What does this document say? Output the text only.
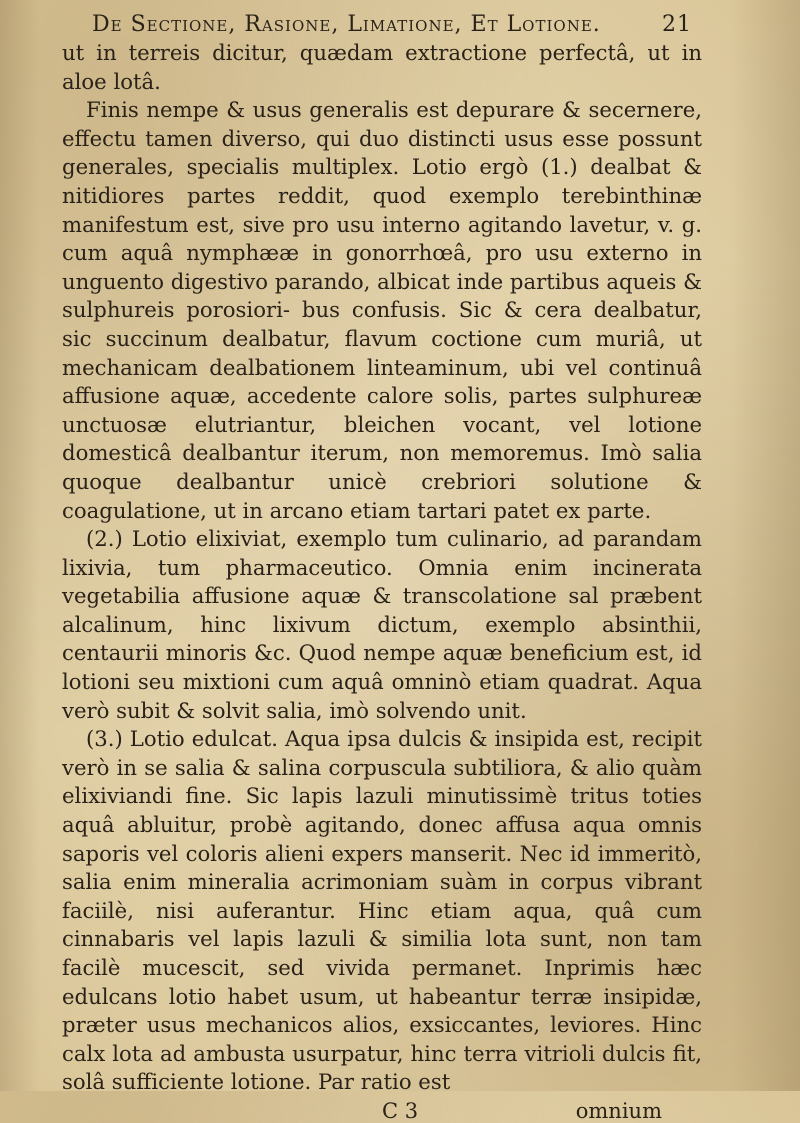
De Sectione, Rasione, Limatione, Et Lotione.	21

ut in terreis dicitur, quædam extractione perfectâ, ut in aloe lotâ.

Finis nempe & usus generalis est depurare & secernere, effectu tamen diverso, qui duo distincti usus esse possunt generales, specialis multiplex. Lotio ergò (1.) dealbat & nitidiores partes reddit, quod exemplo terebinthinæ manifestum est, sive pro usu interno agitando lavetur, v. g. cum aquâ nymphææ in gonorrhœâ, pro usu externo in unguento digestivo parando, albicat inde partibus aqueis & sulphureis porosiori- bus confusis. Sic & cera dealbatur, sic succinum dealbatur, flavum coctione cum muriâ, ut mechanicam dealbationem linteaminum, ubi vel continuâ affusione aquæ, accedente calore solis, partes sulphureæ unctuosæ elutriantur, bleichen vocant, vel lotione domesticâ dealbantur iterum, non memoremus. Imò salia quoque dealbantur unicè crebriori solutione & coagulatione, ut in arcano etiam tartari patet ex parte.

(2.) Lotio elixiviat, exemplo tum culinario, ad parandam lixivia, tum pharmaceutico. Omnia enim incinerata vegetabilia affusione aquæ & transcolatione sal præbent alcalinum, hinc lixivum dictum, exemplo absinthii, centaurii minoris &c. Quod nempe aquæ beneficium est, id lotioni seu mixtioni cum aquâ omninò etiam quadrat. Aqua verò subit & solvit salia, imò solvendo unit.

(3.) Lotio edulcat. Aqua ipsa dulcis & insipida est, recipit verò in se salia & salina corpuscula subtiliora, & alio quàm elixiviandi fine. Sic lapis lazuli minutissimè tritus toties aquâ abluitur, probè agitando, donec affusa aqua omnis saporis vel coloris alieni expers manserit. Nec id immeritò, salia enim mineralia acrimoniam suàm in corpus vibrant faciilè, nisi auferantur. Hinc etiam aqua, quâ cum cinnabaris vel lapis lazuli & similia lota sunt, non tam facilè mucescit, sed vivida permanet. Inprimis hæc edulcans lotio habet usum, ut habeantur terræ insipidæ, præter usus mechanicos alios, exsiccantes, leviores. Hinc calx lota ad ambusta usurpatur, hinc terra vitrioli dulcis fit, solâ sufficiente lotione. Par ratio est

C 3	omnium
